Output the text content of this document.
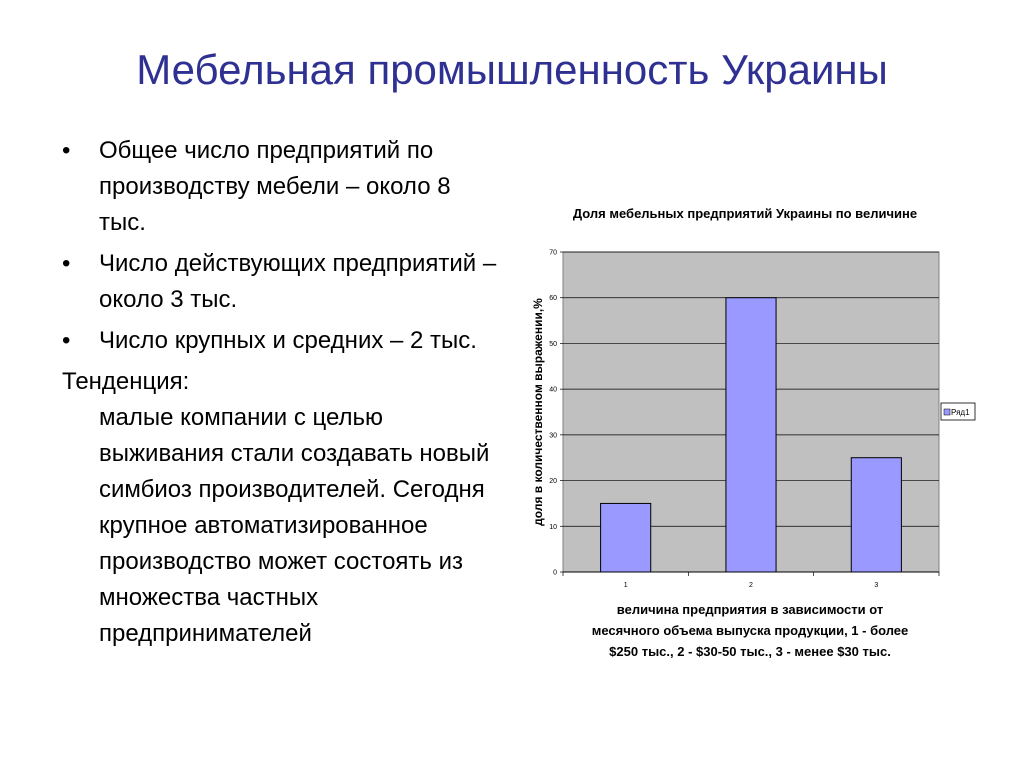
Мебельная промышленность Украины
• Общее число предприятий по производству мебели – около 8 тыс.
• Число действующих предприятий – около 3 тыс.
• Число крупных и средних – 2 тыс.
Тенденция:
малые компании с целью выживания стали создавать новый симбиоз производителей. Сегодня крупное автоматизированное производство может состоять из множества частных предпринимателей
Доля мебельных предприятий Украины по величине
0
10
20
30
40
50
60
70
1	2	3
доля в количественном выражении,%
величина предприятия в зависимости от
месячного объема выпуска продукции, 1 - более
$250 тыс., 2 - $30-50 тыс., 3 - менее $30 тыс.
Ряд1
